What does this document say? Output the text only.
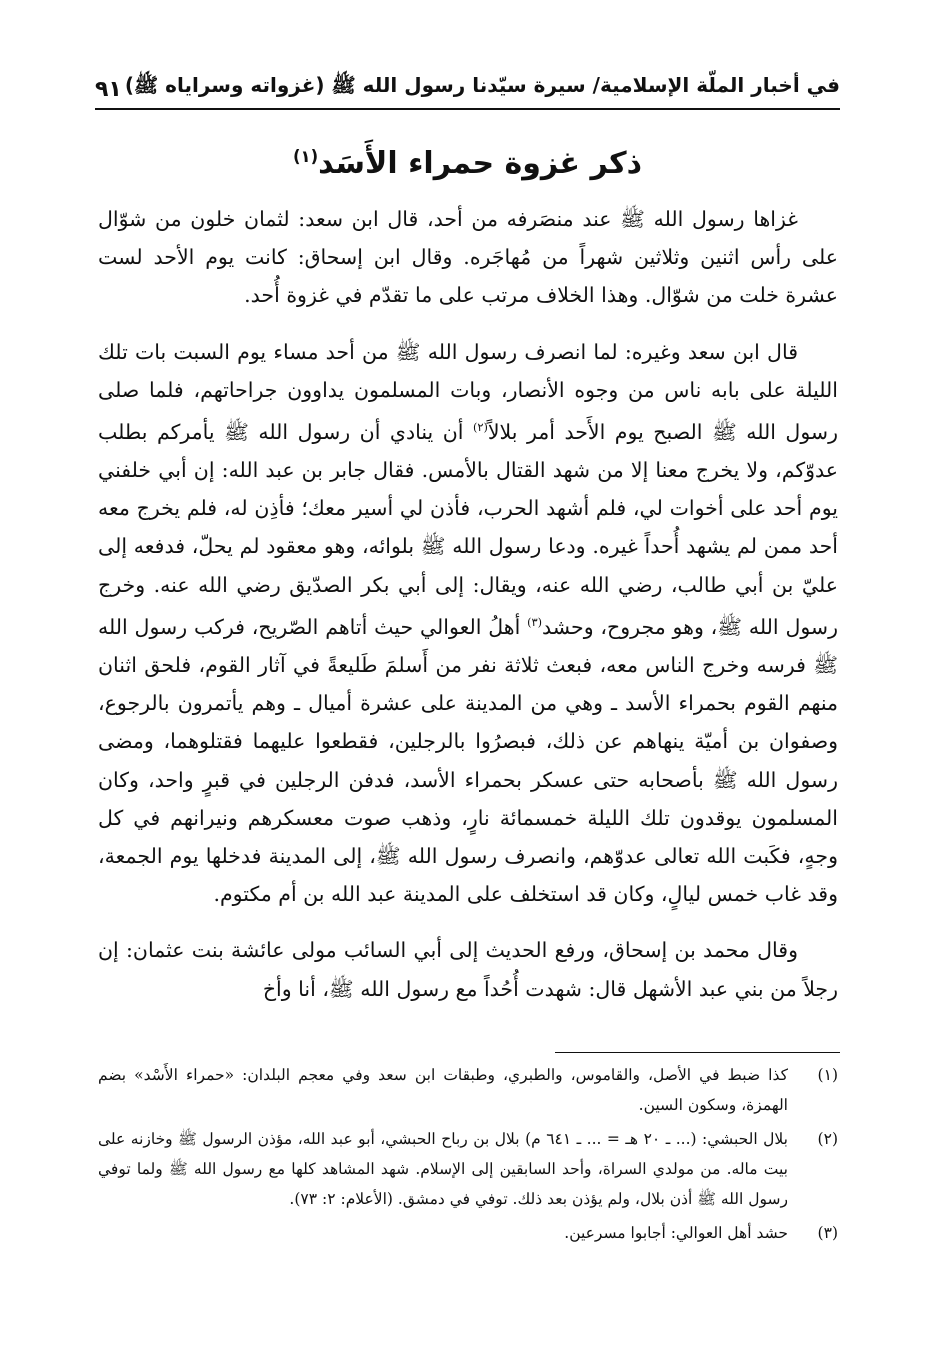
في أخبار الملّة الإسلامية/ سيرة سيّدنا رسول الله ﷺ (غزواته وسراياه ﷺ)
٩١
ذكر غزوة حمراء الأَسَد$^{(١)}$

غزاها رسول الله ﷺ عند منصَرفه من أحد، قال ابن سعد: لثمان خلون من شوّال على رأس اثنين وثلاثين شهراً من مُهاجَره. وقال ابن إسحاق: كانت يوم الأحد لست عشرة خلت من شوّال. وهذا الخلاف مرتب على ما تقدّم في غزوة أُحد.

قال ابن سعد وغيره: لما انصرف رسول الله ﷺ من أحد مساء يوم السبت بات تلك الليلة على بابه ناس من وجوه الأنصار، وبات المسلمون يداوون جراحاتهم، فلما صلى رسول الله ﷺ الصبح يوم الأَحد أمر بلالاً$^{(٢)}$ أن ينادي أن رسول الله ﷺ يأمركم بطلب عدوّكم، ولا يخرج معنا إلا من شهد القتال بالأمس. فقال جابر بن عبد الله: إن أبي خلفني يوم أحد على أخوات لي، فلم أشهد الحرب، فأذن لي أسير معك؛ فأذِن له، فلم يخرج معه أحد ممن لم يشهد أُحداً غيره. ودعا رسول الله ﷺ بلوائه، وهو معقود لم يحلّ، فدفعه إلى عليّ بن أبي طالب، رضي الله عنه، ويقال: إلى أبي بكر الصدّيق رضي الله عنه. وخرج رسول الله ﷺ، وهو مجروح، وحشد$^{(٣)}$ أهلُ العوالي حيث أتاهم الصّريح، فركب رسول الله ﷺ فرسه وخرج الناس معه، فبعث ثلاثة نفر من أَسلمَ طَليعةً في آثار القوم، فلحق اثنان منهم القوم بحمراء الأسد ـ وهي من المدينة على عشرة أميال ـ وهم يأتمرون بالرجوع، وصفوان بن أميّة ينهاهم عن ذلك، فبصرُوا بالرجلين، فقطعوا عليهما فقتلوهما، ومضى رسول الله ﷺ بأصحابه حتى عسكر بحمراء الأسد، فدفن الرجلين في قبرٍ واحد، وكان المسلمون يوقدون تلك الليلة خمسمائة نارٍ، وذهب صوت معسكرهم ونيرانهم في كل وجهٍ، فكَبت الله تعالى عدوّهم، وانصرف رسول الله ﷺ، إلى المدينة فدخلها يوم الجمعة، وقد غاب خمس ليالٍ، وكان قد استخلف على المدينة عبد الله بن أم مكتوم.

وقال محمد بن إسحاق، ورفع الحديث إلى أبي السائب مولى عائشة بنت عثمان: إن رجلاً من بني عبد الأشهل قال: شهدت أُحُداً مع رسول الله ﷺ، أنا وأخ

(١)
كذا ضبط في الأصل، والقاموس، والطبري، وطبقات ابن سعد وفي معجم البلدان: «حمراء الأَسْد» بضم الهمزة، وسكون السين.
(٢)
بلال الحبشي: (... ـ ٢٠ هـ = ... ـ ٦٤١ م) بلال بن رباح الحبشي، أبو عبد الله، مؤذن الرسول ﷺ وخازنه على بيت ماله. من مولدي السراة، وأحد السابقين إلى الإسلام. شهد المشاهد كلها مع رسول الله ﷺ ولما توفي رسول الله ﷺ أذن بلال، ولم يؤذن بعد ذلك. توفي في دمشق. (الأعلام: ٢: ٧٣).
(٣)
حشد أهل العوالي: أجابوا مسرعين.
